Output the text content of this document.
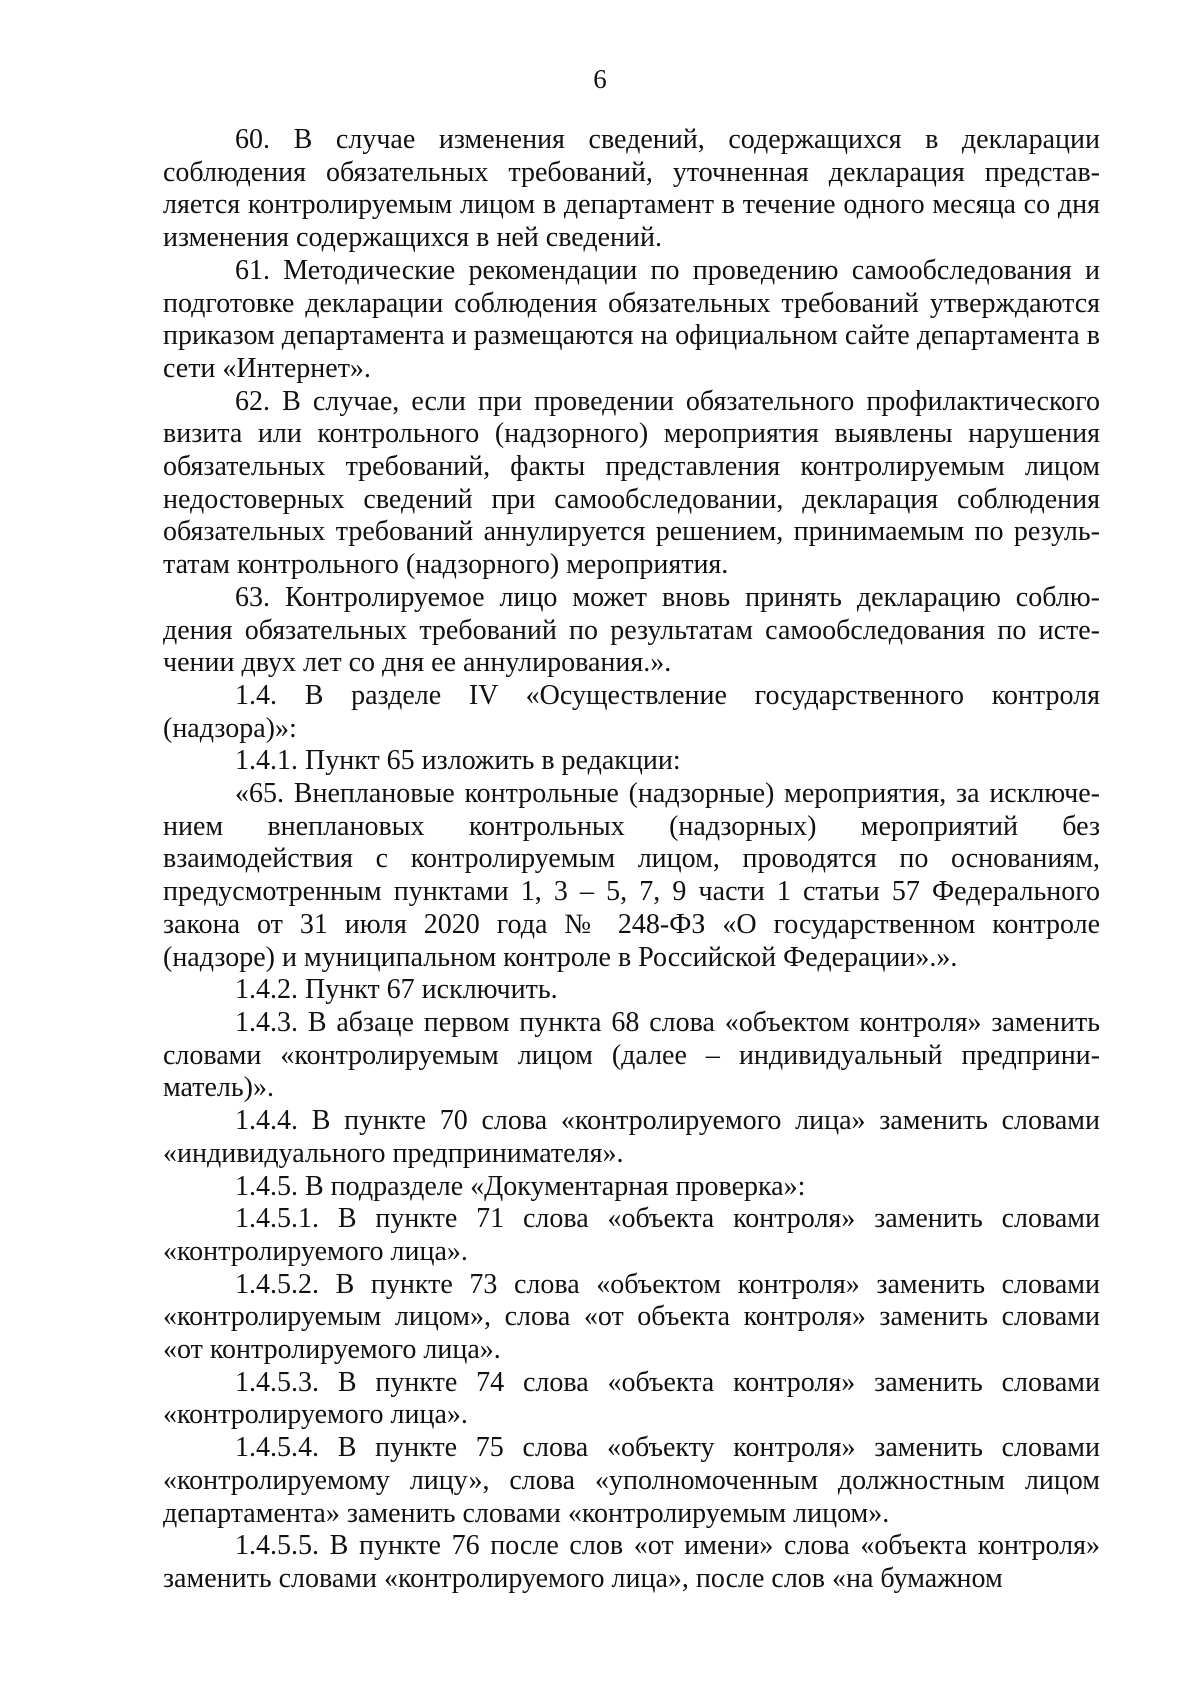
6

60. В случае изменения сведений, содержащихся в декларации соблюдения обязательных требований, уточненная декларация представляется контролируемым лицом в департамент в течение одного месяца со дня изменения содержащихся в ней сведений.

61. Методические рекомендации по проведению самообследования и подготовке декларации соблюдения обязательных требований утверждаются приказом департамента и размещаются на официальном сайте департамента в сети «Интернет».

62. В случае, если при проведении обязательного профилактического визита или контрольного (надзорного) мероприятия выявлены нарушения обязательных требований, факты представления контролируемым лицом недостоверных сведений при самообследовании, декларация соблюдения обязательных требований аннулируется решением, принимаемым по результатам контрольного (надзорного) мероприятия.

63. Контролируемое лицо может вновь принять декларацию соблюдения обязательных требований по результатам самообследования по истечении двух лет со дня ее аннулирования.».

1.4. В разделе IV «Осуществление государственного контроля (надзора)»:

1.4.1. Пункт 65 изложить в редакции:

«65. Внеплановые контрольные (надзорные) мероприятия, за исключением внеплановых контрольных (надзорных) мероприятий без взаимодействия с контролируемым лицом, проводятся по основаниям, предусмотренным пунктами 1, 3 – 5, 7, 9 части 1 статьи 57 Федерального закона от 31 июля 2020 года № 248-ФЗ «О государственном контроле (надзоре) и муниципальном контроле в Российской Федерации».».

1.4.2. Пункт 67 исключить.

1.4.3. В абзаце первом пункта 68 слова «объектом контроля» заменить словами «контролируемым лицом (далее – индивидуальный предприниматель)».

1.4.4. В пункте 70 слова «контролируемого лица» заменить словами «индивидуального предпринимателя».

1.4.5. В подразделе «Документарная проверка»:

1.4.5.1. В пункте 71 слова «объекта контроля» заменить словами «контролируемого лица».

1.4.5.2. В пункте 73 слова «объектом контроля» заменить словами «контролируемым лицом», слова «от объекта контроля» заменить словами «от контролируемого лица».

1.4.5.3. В пункте 74 слова «объекта контроля» заменить словами «контролируемого лица».

1.4.5.4. В пункте 75 слова «объекту контроля» заменить словами «контролируемому лицу», слова «уполномоченным должностным лицом департамента» заменить словами «контролируемым лицом».

1.4.5.5. В пункте 76 после слов «от имени» слова «объекта контроля» заменить словами «контролируемого лица», после слов «на бумажном
